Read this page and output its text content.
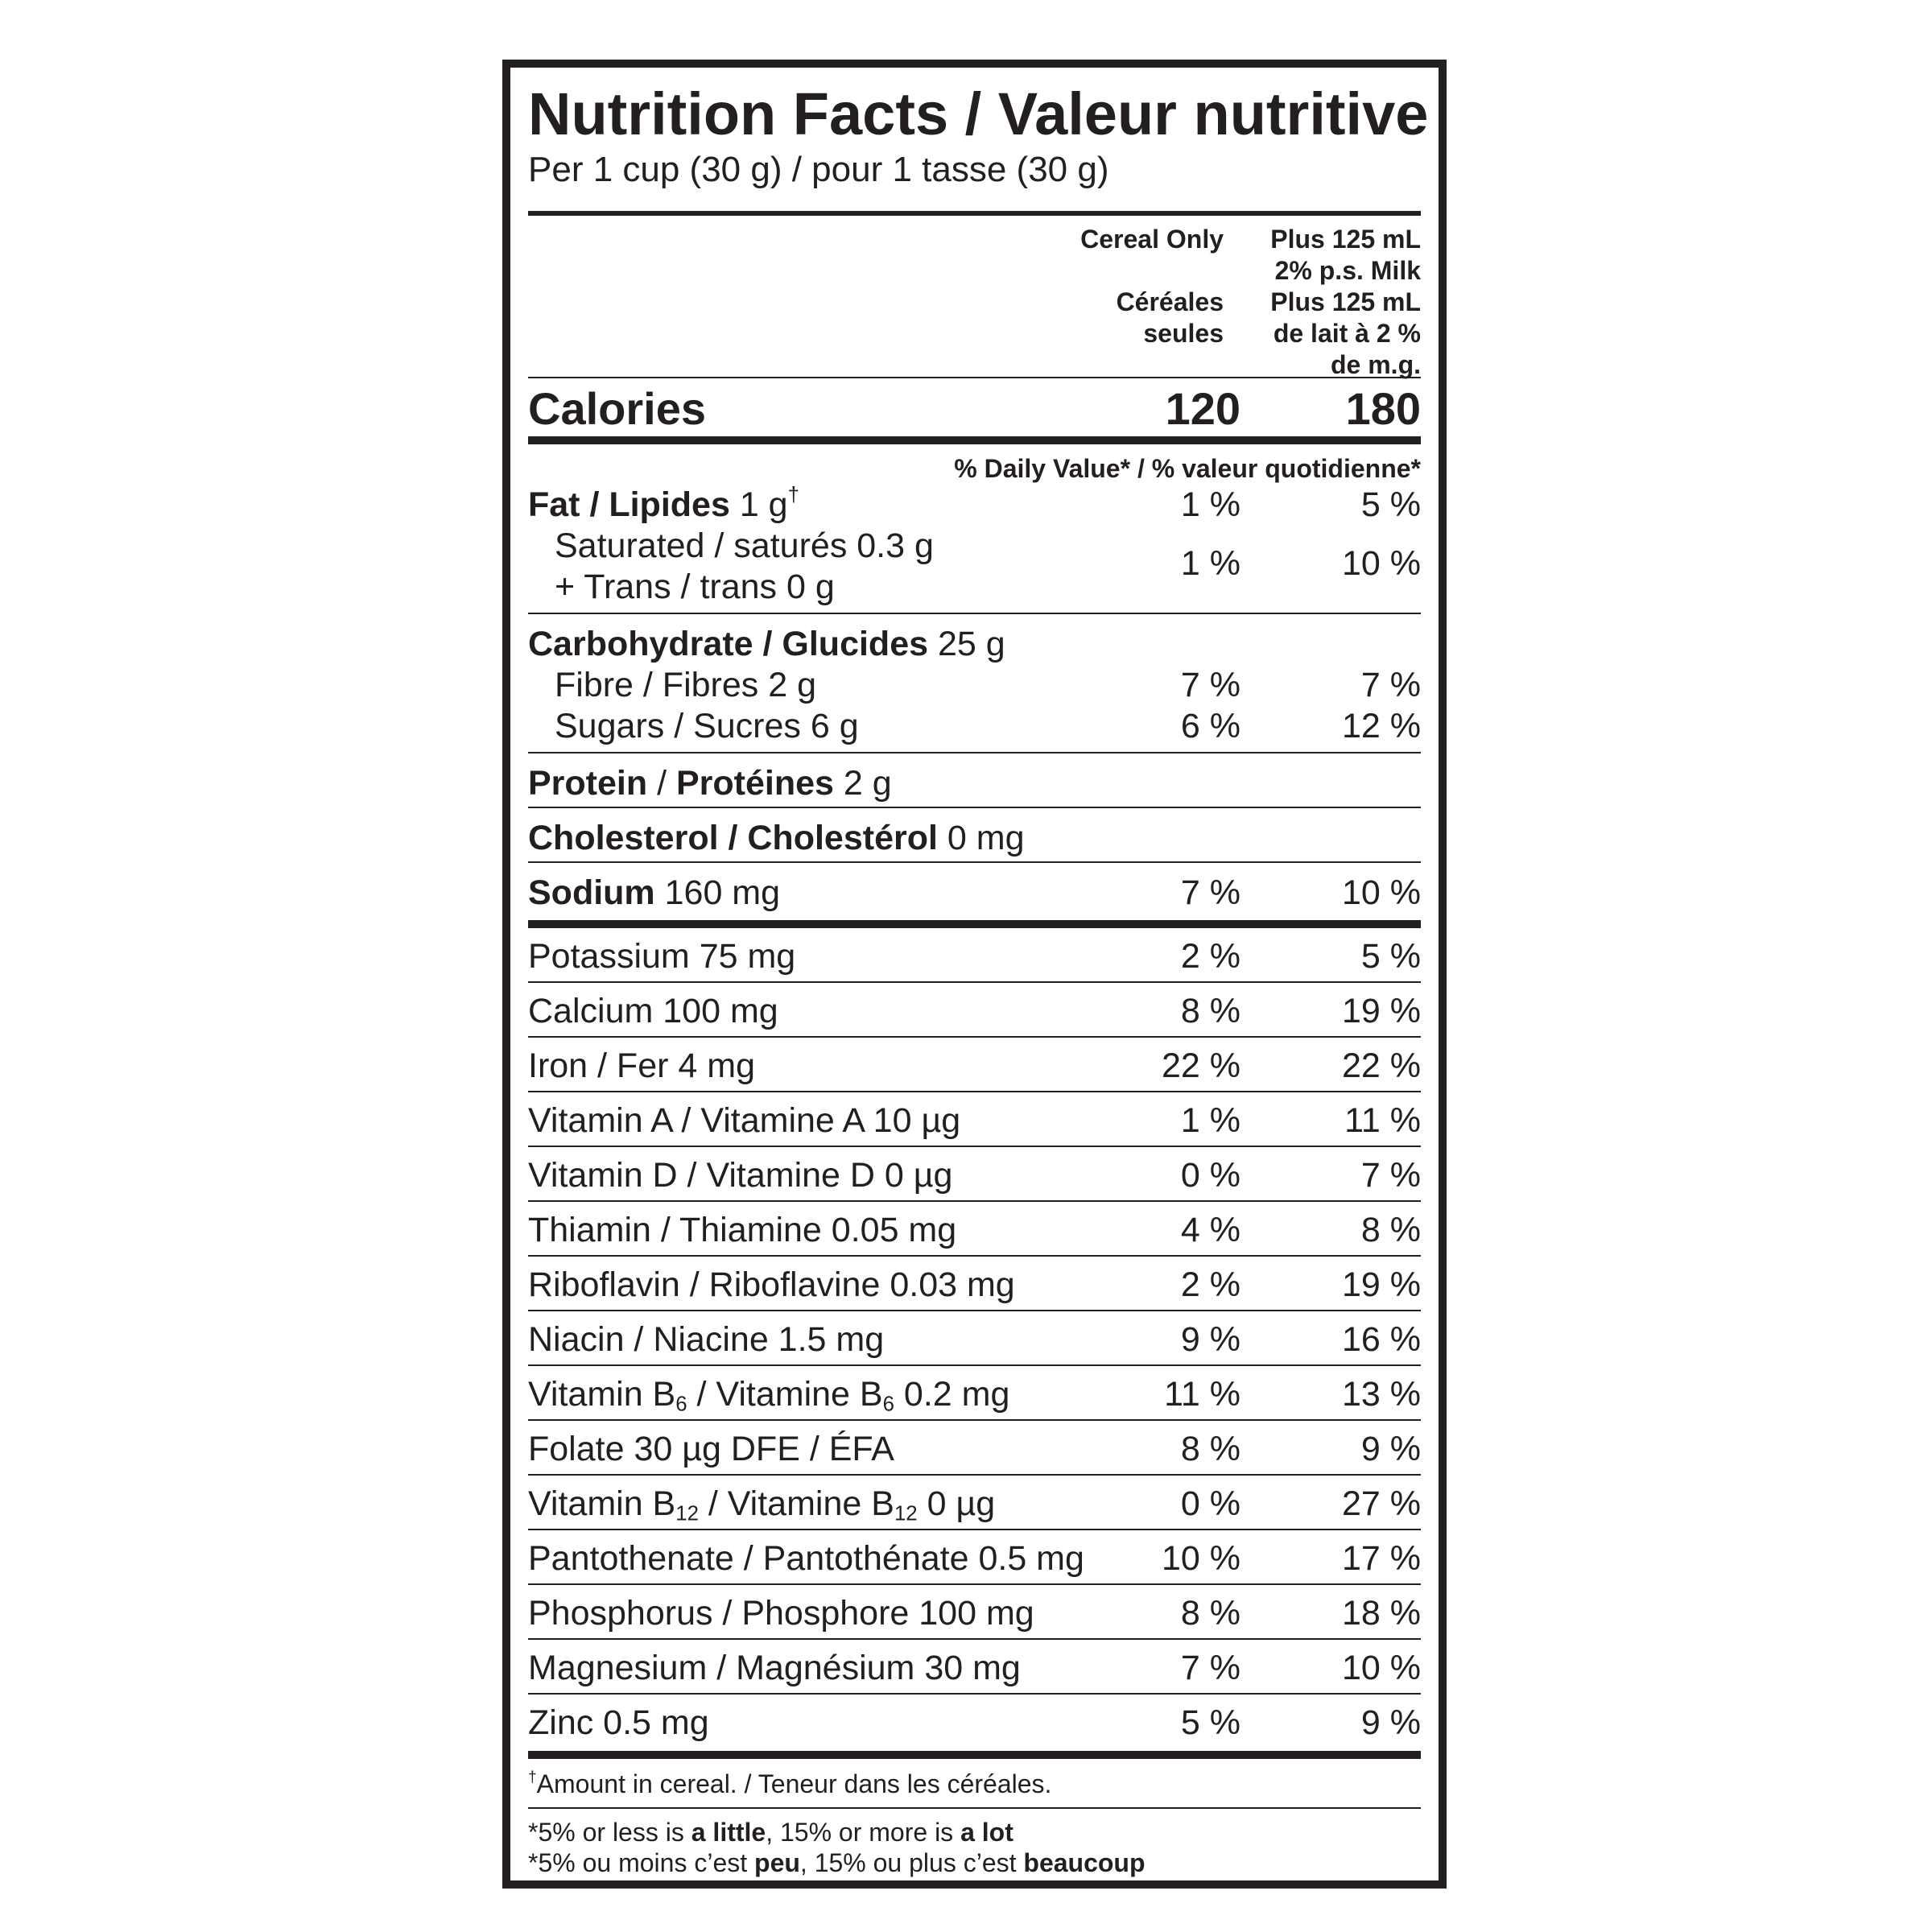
Nutrition Facts / Valeur nutritive
Per 1 cup (30 g) / pour 1 tasse (30 g)
Cereal Only

Céréales
seules
Plus 125 mL
2% p.s. Milk
Plus 125 mL
de lait à 2 %
de m.g.
Calories	120 180
% Daily Value* / % valeur quotidienne*
Fat / Lipides 1 g†	1 %	5 %
Saturated / saturés 0.3 g
+ Trans / trans 0 g
1 %	10 %
Carbohydrate / Glucides 25 g
Fibre / Fibres 2 g	7 %	7 %
Sugars / Sucres 6 g	6 %	12 %
Protein / Protéines 2 g
Cholesterol / Cholestérol 0 mg
Sodium 160 mg	7 %	10 %
Potassium 75 mg	2 %	5 %
Calcium 100 mg	8 %	19 %
Iron / Fer 4 mg	22 %	22 %
Vitamin A / Vitamine A 10 µg	1 %	11 %
Vitamin D / Vitamine D 0 µg	0 %	7 %
Thiamin / Thiamine 0.05 mg	4 %	8 %
Riboflavin / Riboflavine 0.03 mg	2 %	19 %
Niacin / Niacine 1.5 mg	9 %	16 %
Vitamin $B_6$ / Vitamine $B_6$ 0.2 mg	11 %	13 %
Folate 30 µg DFE / ÉFA	8 %	9 %
Vitamin $B_{12}$ / Vitamine $B_{12}$ 0 µg	0 %	27 %
Pantothenate / Pantothénate 0.5 mg 10 %	17 %
Phosphorus / Phosphore 100 mg	8 %	18 %
Magnesium / Magnésium 30 mg	7 %	10 %
Zinc 0.5 mg	5 %	9 %
†Amount in cereal. / Teneur dans les céréales.
*5% or less is a little, 15% or more is a lot
*5% ou moins c’est peu, 15% ou plus c’est beaucoup
